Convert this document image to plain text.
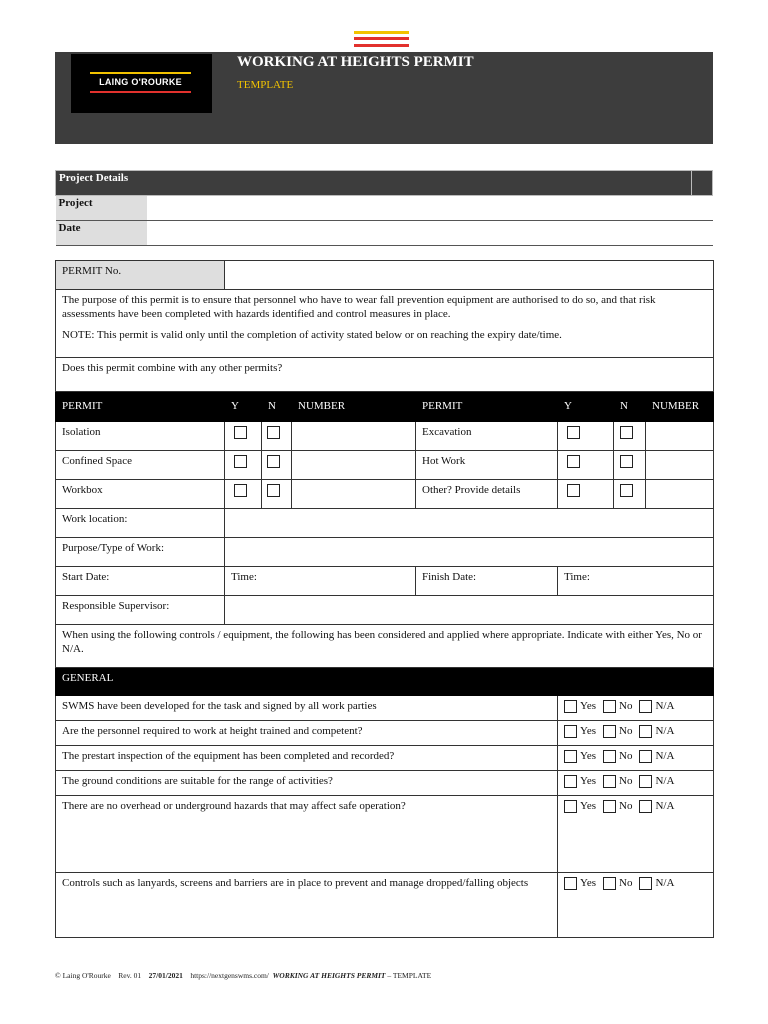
LAING O'ROURKE
WORKING AT HEIGHTS PERMIT
TEMPLATE
Project Details		
Project		
Date		
PERMIT No.							

The purpose of this permit is to ensure that personnel who have to wear fall prevention equipment are authorised to do so, and that risk assessments have been completed with hazards identified and control measures in place.
NOTE: This permit is valid only until the completion of activity stated below or on reaching the expiry date/time.							

Does this permit combine with any other permits?							
PERMIT	Y	N	NUMBER	PERMIT	Y	N	NUMBER
Isolation				Excavation			
Confined Space				Hot Work			
Workbox				Other? Provide details			
Work location:							
Purpose/Type of Work:							
Start Date:	Time:			Finish Date:	Time:		
Responsible Supervisor:							
When using the following controls / equipment, the following has been considered and applied where appropriate. Indicate with either Yes, No or N/A.							
GENERAL							
SWMS have been developed for the task and signed by all work parties					Yes No N/A		
Are the personnel required to work at height trained and competent?					Yes No N/A		
The prestart inspection of the equipment has been completed and recorded?					Yes No N/A		
The ground conditions are suitable for the range of activities?					Yes No N/A		
There are no overhead or underground hazards that may affect safe operation?					Yes No N/A		
Controls such as lanyards, screens and barriers are in place to prevent and manage dropped/falling objects					Yes No N/A		
© Laing O'Rourke Rev. 01 27/01/2021 https://nextgenswms.com/ WORKING AT HEIGHTS PERMIT – TEMPLATE
